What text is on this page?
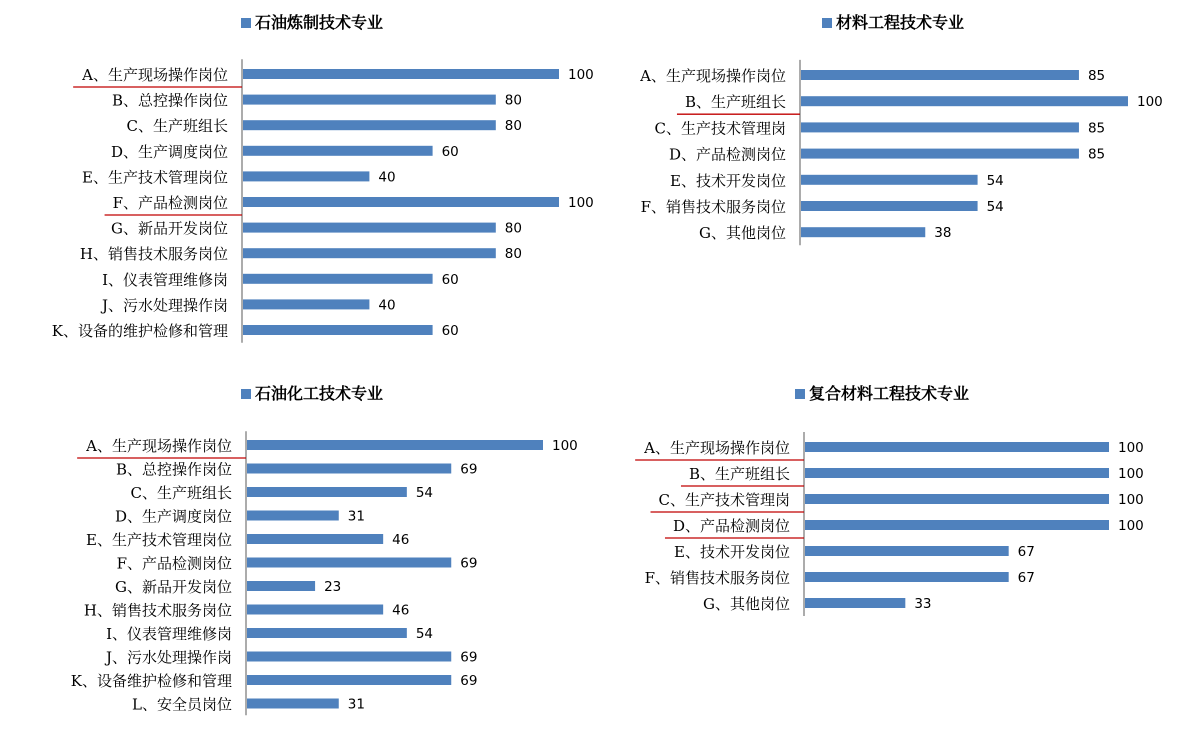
石油炼制技术专业
100
A、生产现场操作岗位
80
B、总控操作岗位
80
C、生产班组长
60
D、生产调度岗位
40
E、生产技术管理岗位
100
F、产品检测岗位
80
G、新品开发岗位
80
H、销售技术服务岗位
60
I、仪表管理维修岗
40
J、污水处理操作岗
60
K、设备的维护检修和管理
材料工程技术专业
85
A、生产现场操作岗位
100
B、生产班组长
85
C、生产技术管理岗
85
D、产品检测岗位
54
E、技术开发岗位
54
F、销售技术服务岗位
38
G、其他岗位
石油化工技术专业
100
A、生产现场操作岗位
69
B、总控操作岗位
54
C、生产班组长
31
D、生产调度岗位
46
E、生产技术管理岗位
69
F、产品检测岗位
23
G、新品开发岗位
46
H、销售技术服务岗位
54
I、仪表管理维修岗
69
J、污水处理操作岗
69
K、设备维护检修和管理
31
L、安全员岗位
复合材料工程技术专业
100
A、生产现场操作岗位
100
B、生产班组长
100
C、生产技术管理岗
100
D、产品检测岗位
67
E、技术开发岗位
67
F、销售技术服务岗位
33
G、其他岗位
